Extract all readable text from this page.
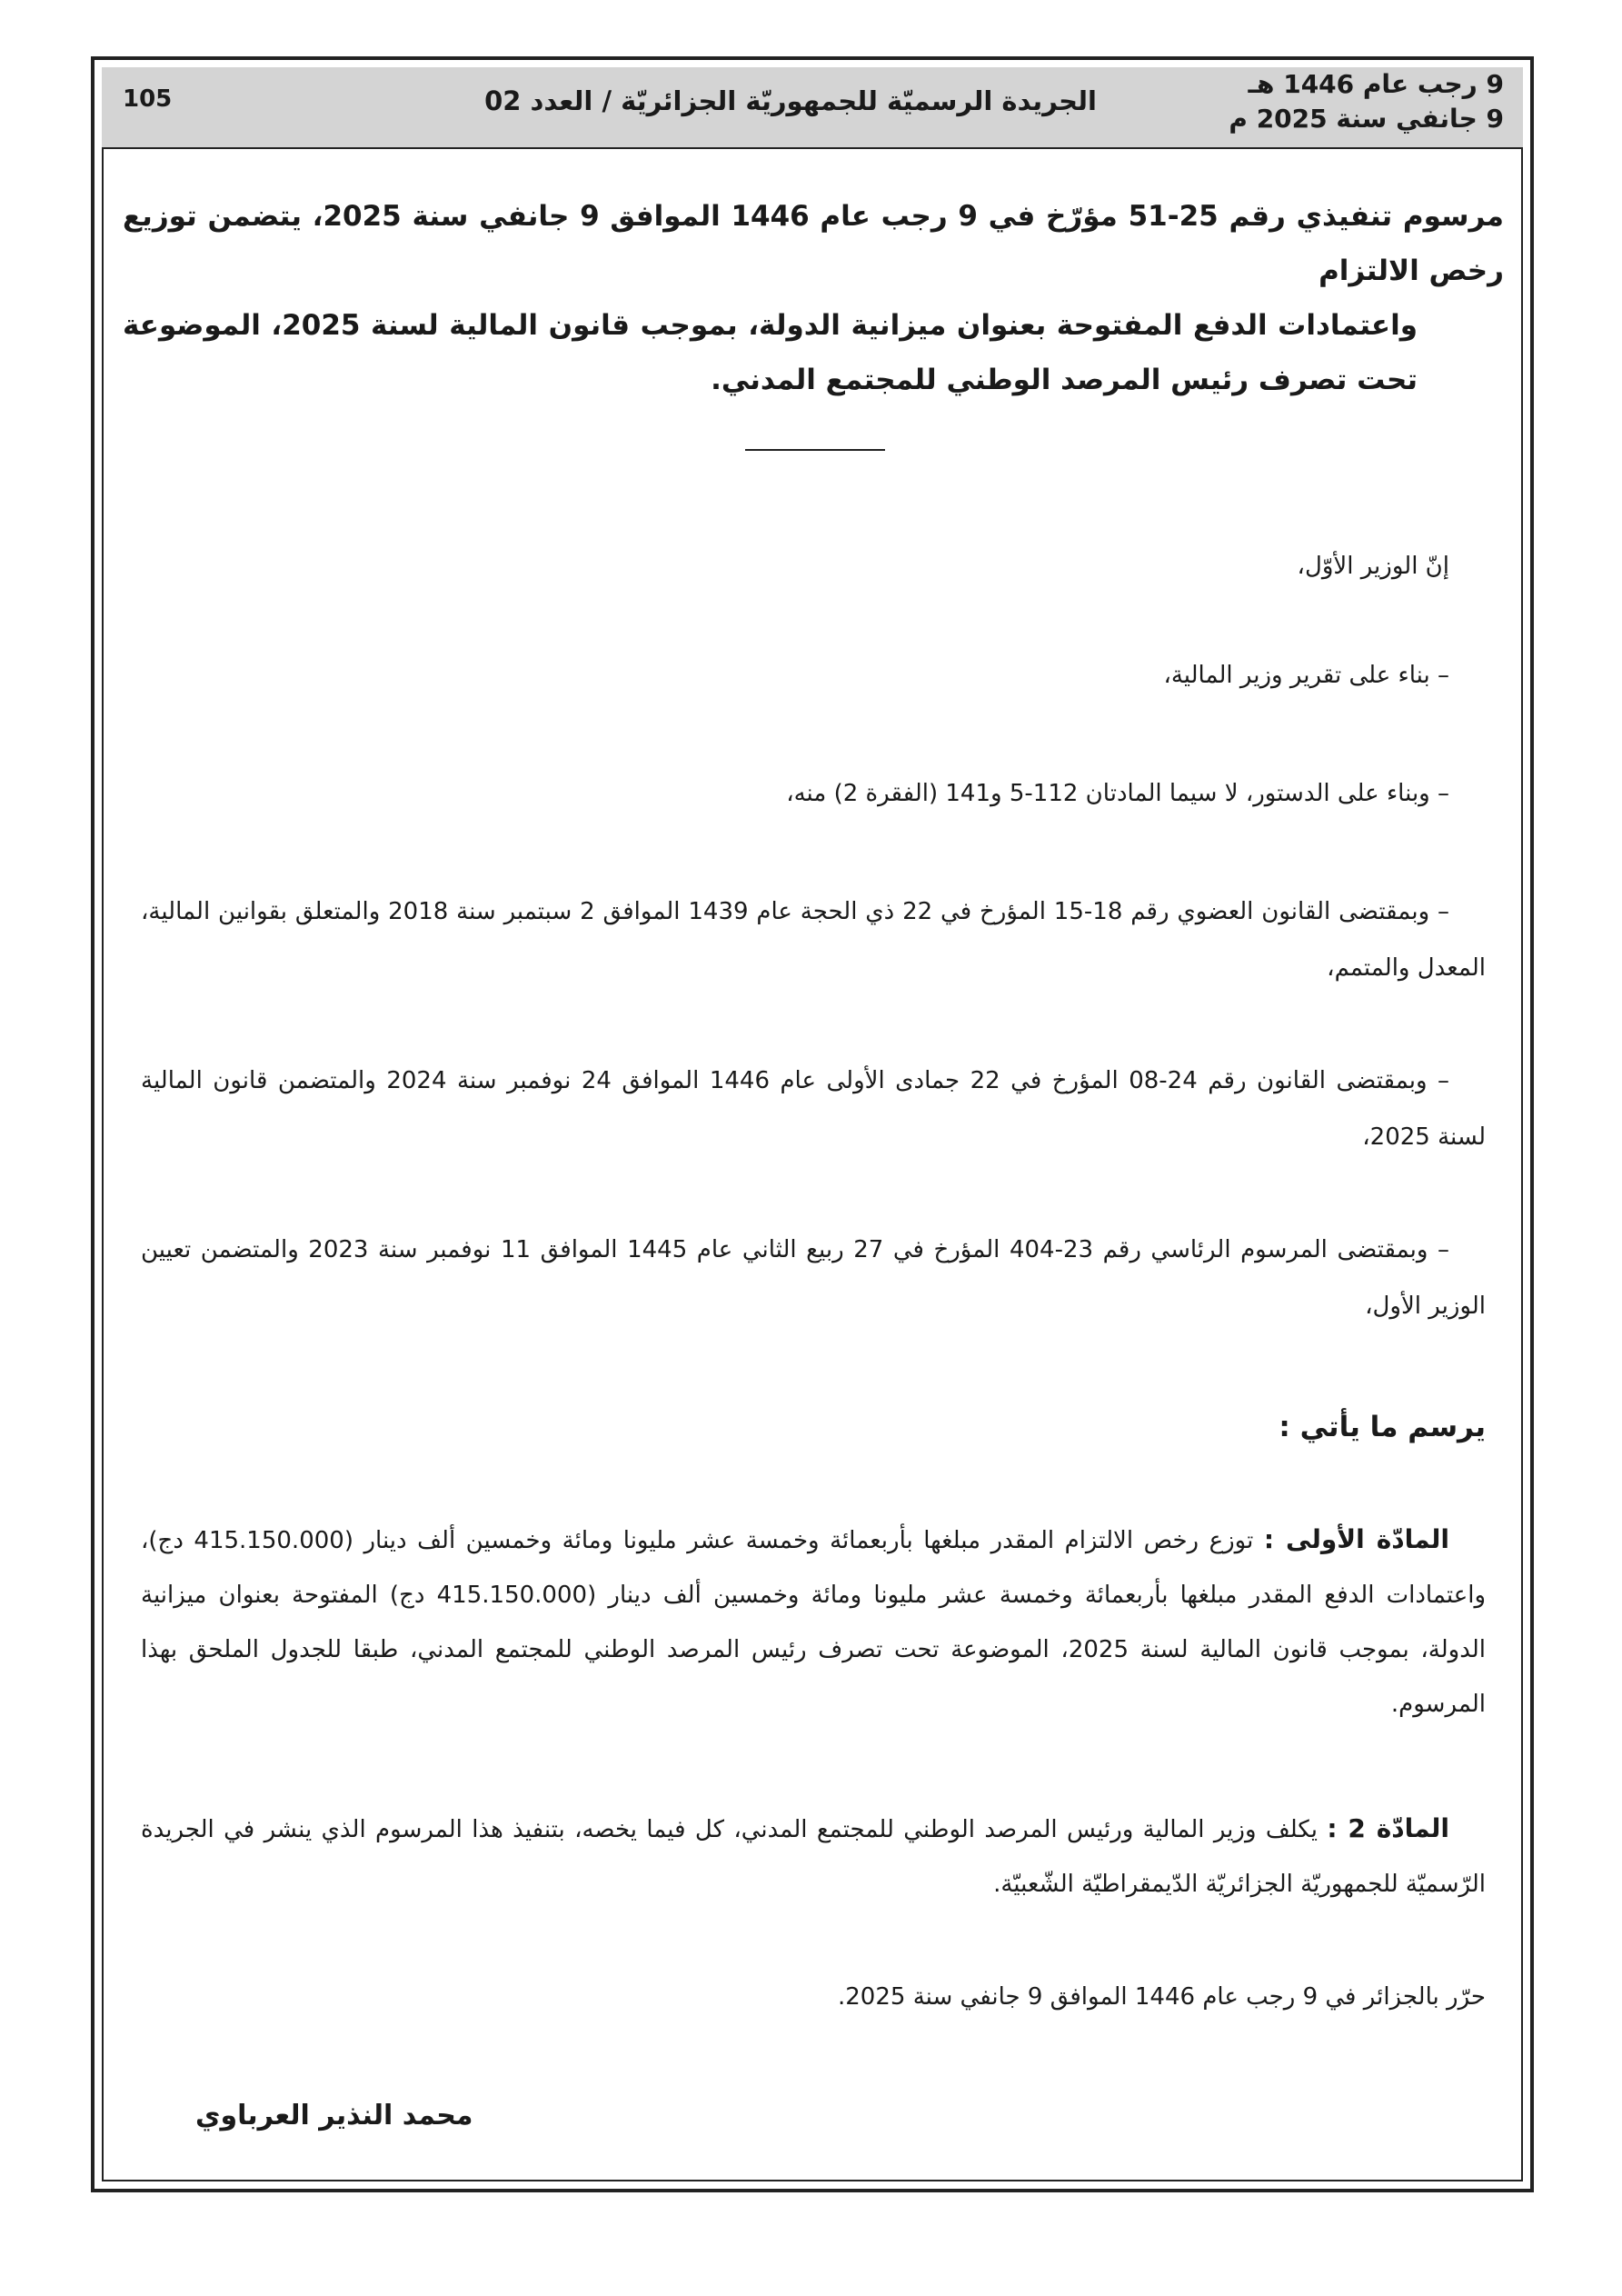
9 رجب عام 1446 هـ
9 جانفي سنة 2025 م
الجريدة الرسميّة للجمهوريّة الجزائريّة / العدد 02
105
مرسوم تنفيذي رقم 25-51 مؤرّخ في 9 رجب عام 1446 الموافق 9 جانفي سنة 2025، يتضمن توزيع رخص الالتزام
واعتمادات الدفع المفتوحة بعنوان ميزانية الدولة، بموجب قانون المالية لسنة 2025، الموضوعة تحت تصرف رئيس المرصد الوطني للمجتمع المدني.
إنّ الوزير الأوّل،
– بناء على تقرير وزير المالية،
– وبناء على الدستور، لا سيما المادتان 112-5 و141 (الفقرة 2) منه،
– وبمقتضى القانون العضوي رقم 18-15 المؤرخ في 22 ذي الحجة عام 1439 الموافق 2 سبتمبر سنة 2018 والمتعلق بقوانين المالية، المعدل والمتمم،
– وبمقتضى القانون رقم 24-08 المؤرخ في 22 جمادى الأولى عام 1446 الموافق 24 نوفمبر سنة 2024 والمتضمن قانون المالية لسنة 2025،
– وبمقتضى المرسوم الرئاسي رقم 23-404 المؤرخ في 27 ربيع الثاني عام 1445 الموافق 11 نوفمبر سنة 2023 والمتضمن تعيين الوزير الأول،
يرسم ما يأتي :
المادّة الأولى : توزع رخص الالتزام المقدر مبلغها بأربعمائة وخمسة عشر مليونا ومائة وخمسين ألف دينار (415.150.000 دج)، واعتمادات الدفع المقدر مبلغها بأربعمائة وخمسة عشر مليونا ومائة وخمسين ألف دينار (415.150.000 دج) المفتوحة بعنوان ميزانية الدولة، بموجب قانون المالية لسنة 2025، الموضوعة تحت تصرف رئيس المرصد الوطني للمجتمع المدني، طبقا للجدول الملحق بهذا المرسوم.
المادّة 2 : يكلف وزير المالية ورئيس المرصد الوطني للمجتمع المدني، كل فيما يخصه، بتنفيذ هذا المرسوم الذي ينشر في الجريدة الرّسميّة للجمهوريّة الجزائريّة الدّيمقراطيّة الشّعبيّة.
حرّر بالجزائر في 9 رجب عام 1446 الموافق 9 جانفي سنة 2025.
محمد النذير العرباوي
